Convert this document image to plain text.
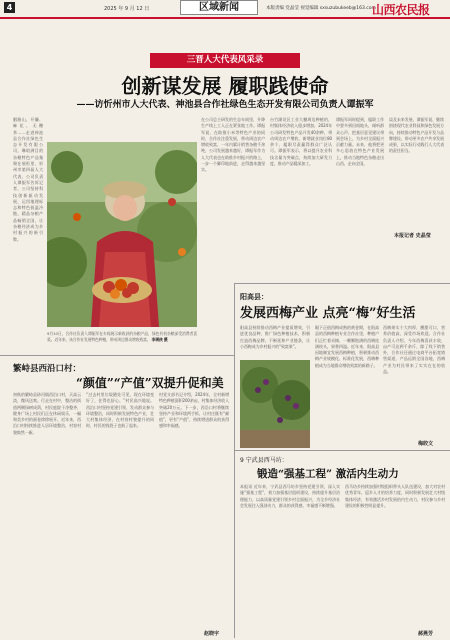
4	2025 年 9 月 12 日	区域新闻	本版责编 党晶莹 视觉编辑 sxsuzubukeeb@163.com
山西农民报
三晋人大代表风采录
创新谋发展 履职践使命
——访忻州市人大代表、神池县合作社绿色生态开发有限公司负责人谭振军
胭脂山，开镰、麻花、无糖茶……走进神池县合作社绿色生态开发有限公司，琳琅满目的杂粮特色产品集聚在展柜里，忻州市第四届人大代表、公司负责人谭振军告诉记者，公司坚持科技创新驱动发展，运用地理标志和特色低温冷链，精品杂粮产品畅销全国，让杂粮经济成为乡村振兴的新引擎。
在公司总主研发的生态车间里，升降生产线上工人正在紧张地工作。谭振军说，在助推小米等特色产业的同时，合作社注重发展，带动周边农户增收致富，一年内累计销售杂粮千余吨，公司发展越来越好，谭振军作为人大代表也在助推乡村振兴的路上，一步一个脚印地前进，走得越来越坚实。
台竹湖设区工业大棚周边种植的，村集体经济收入稳步增加，2024年公司研发特色产品开发40余种，带动周边农户增收，新增就业岗位80余个，履职尽责赢得群众广泛认可。谭振军表示，将以提升农业科技含量为突破点，持续加大研发力度，推动产品精深加工。
谭振军同时提到，履职工作中要多到田间地头，倾听群众心声，把基层意见建议带到会场上，为乡村全面振兴贡献力量。未来，他将把更多心思放在特色产业发展上，推动当地特色杂粮走出山西、走向全国。
谈及未来发展，谭振军说，继续围绕现代农业科技和绿色发展方向，持续推动特色产品开发与品牌建设，带动更多农户共享发展成果，以实际行动践行人大代表的责任担当。
本报记者 史晶莹
9月10日，合作社负责人谭振军在车间展示新收获的杂粮产品，绿色有机杂粮深受消费者喜爱。近年来，该合作社发展特色种植，带动周边群众增收致富。 李瑛侠 摄
阳高县：
发展西梅产业 点亮“梅”好生活
眼下正值西梅成熟的黄金期，在阳高县的西梅种植专业合作社里，种植户们正忙着采摘，一颗颗饱满的西梅挂满枝头，果香四溢。近年来，阳高县因地制宜发展西梅种植，积极推动西梅产业规模化、标准化发展，西梅种植成为当地群众增收致富的新路子。
西梅果实个大肉厚，酸甜可口，营养价值高，深受市场欢迎。合作社负责人介绍，今年西梅喜获丰收，亩产可达两千余斤，除了线下销售外，合作社还通过电商平台拓宽销售渠道，产品远销全国各地，西梅产业为村民带来了实实在在的收益。
阳高县持续推动西梅产业提质增效，引进优良品种，推广绿色种植技术，积极打造西梅品牌，不断延伸产业链条，让小西梅成为乡村振兴的“致富果”。
梅皎文
繁峙县西沿口村：
“颜值”“产值”双提升促和美
初秋的繁峙县砂河镇西沿口村，天高云淡，微风送爽。行走在村中，整洁的街道两侧绿树成荫，村民庭院干净整齐，健身广场上村民们正在休闲娱乐，一幅和美乡村的画卷徐徐展开。近年来，西沿口村持续推进人居环境整治，村容村貌焕然一新。
“过去村里垃圾随处可见，现在环境变好了，住得也舒心。”村民高兴地说。西沿口村坚持党建引领，发动群众参与环境整治，同时积极发展特色产业，壮大村集体经济，在村容村貌提升的同时，村民的钱袋子也鼓了起来。
村党支部书记介绍，2024年，全村新增特色种植面积200余亩，村集体经济收入突破20万元。下一步，西沿口村将继续坚持产业和环境两手抓，让村庄既有“颜值”，更有“产值”，持续增进群众的获得感和幸福感。
赵晓宇
9 宁武县西马坊：
锻造“强基工程” 激活内生动力
本报讯 近年来，宁武县西马坊乡坚持党建引领，深入实施“强基工程”，着力加强基层组织建设，持续提升基层治理能力，以高质量党建引领乡村全面振兴，为全乡经济社会发展注入强劲动力，群众的获得感、幸福感不断增强。
西马坊乡持续加强村级组织带头人队伍建设，加大对农村优秀青年、返乡人才的培养力度，同时积极发展壮大村级集体经济，有效激活乡村发展的内生动力，村民参与乡村建设的积极性明显提升。
郝燕芳
